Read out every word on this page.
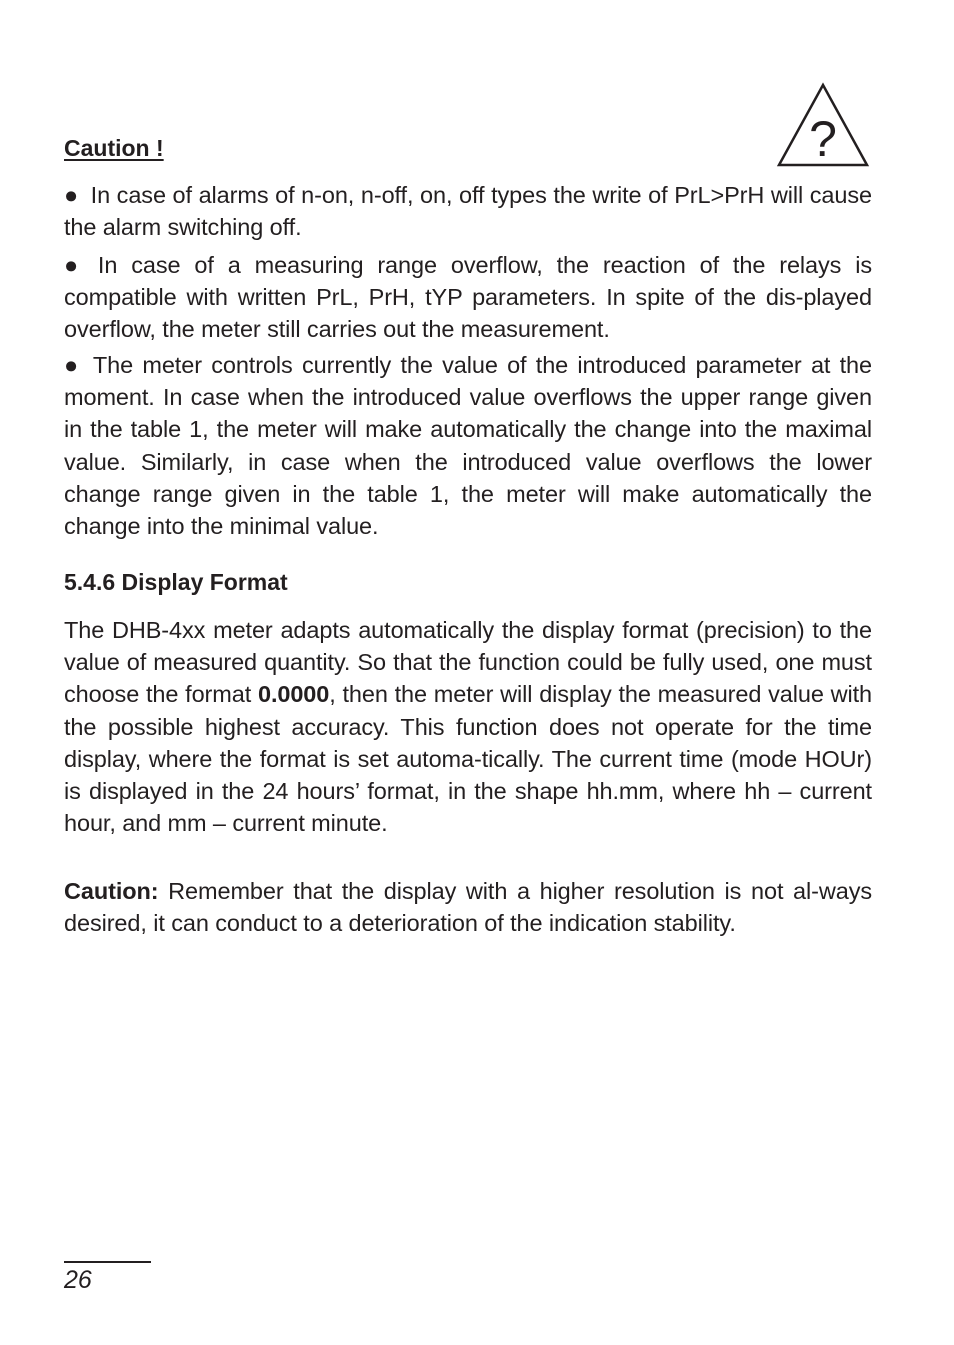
Caution !	?

● In case of alarms of n-on, n-off, on, off types the write of PrL>PrH will cause the alarm switching off.

● In case of a measuring range overflow, the reaction of the relays is compatible with written PrL, PrH, tYP parameters. In spite of the dis-played overflow, the meter still carries out the measurement.

● The meter controls currently the value of the introduced parameter at the moment. In case when the introduced value overflows the upper range given in the table 1, the meter will make automatically the change into the maximal value. Similarly, in case when the introduced value overflows the lower change range given in the table 1, the meter will make automatically the change into the minimal value.

5.4.6 Display Format

The DHB-4xx meter adapts automatically the display format (precision) to the value of measured quantity. So that the function could be fully used, one must choose the format 0.0000, then the meter will display the measured value with the possible highest accuracy. This function does not operate for the time display, where the format is set automa-tically. The current time (mode HOUr) is displayed in the 24 hours’ format, in the shape hh.mm, where hh – current hour, and mm – current minute.

Caution: Remember that the display with a higher resolution is not al-ways desired, it can conduct to a deterioration of the indication stability.

26
